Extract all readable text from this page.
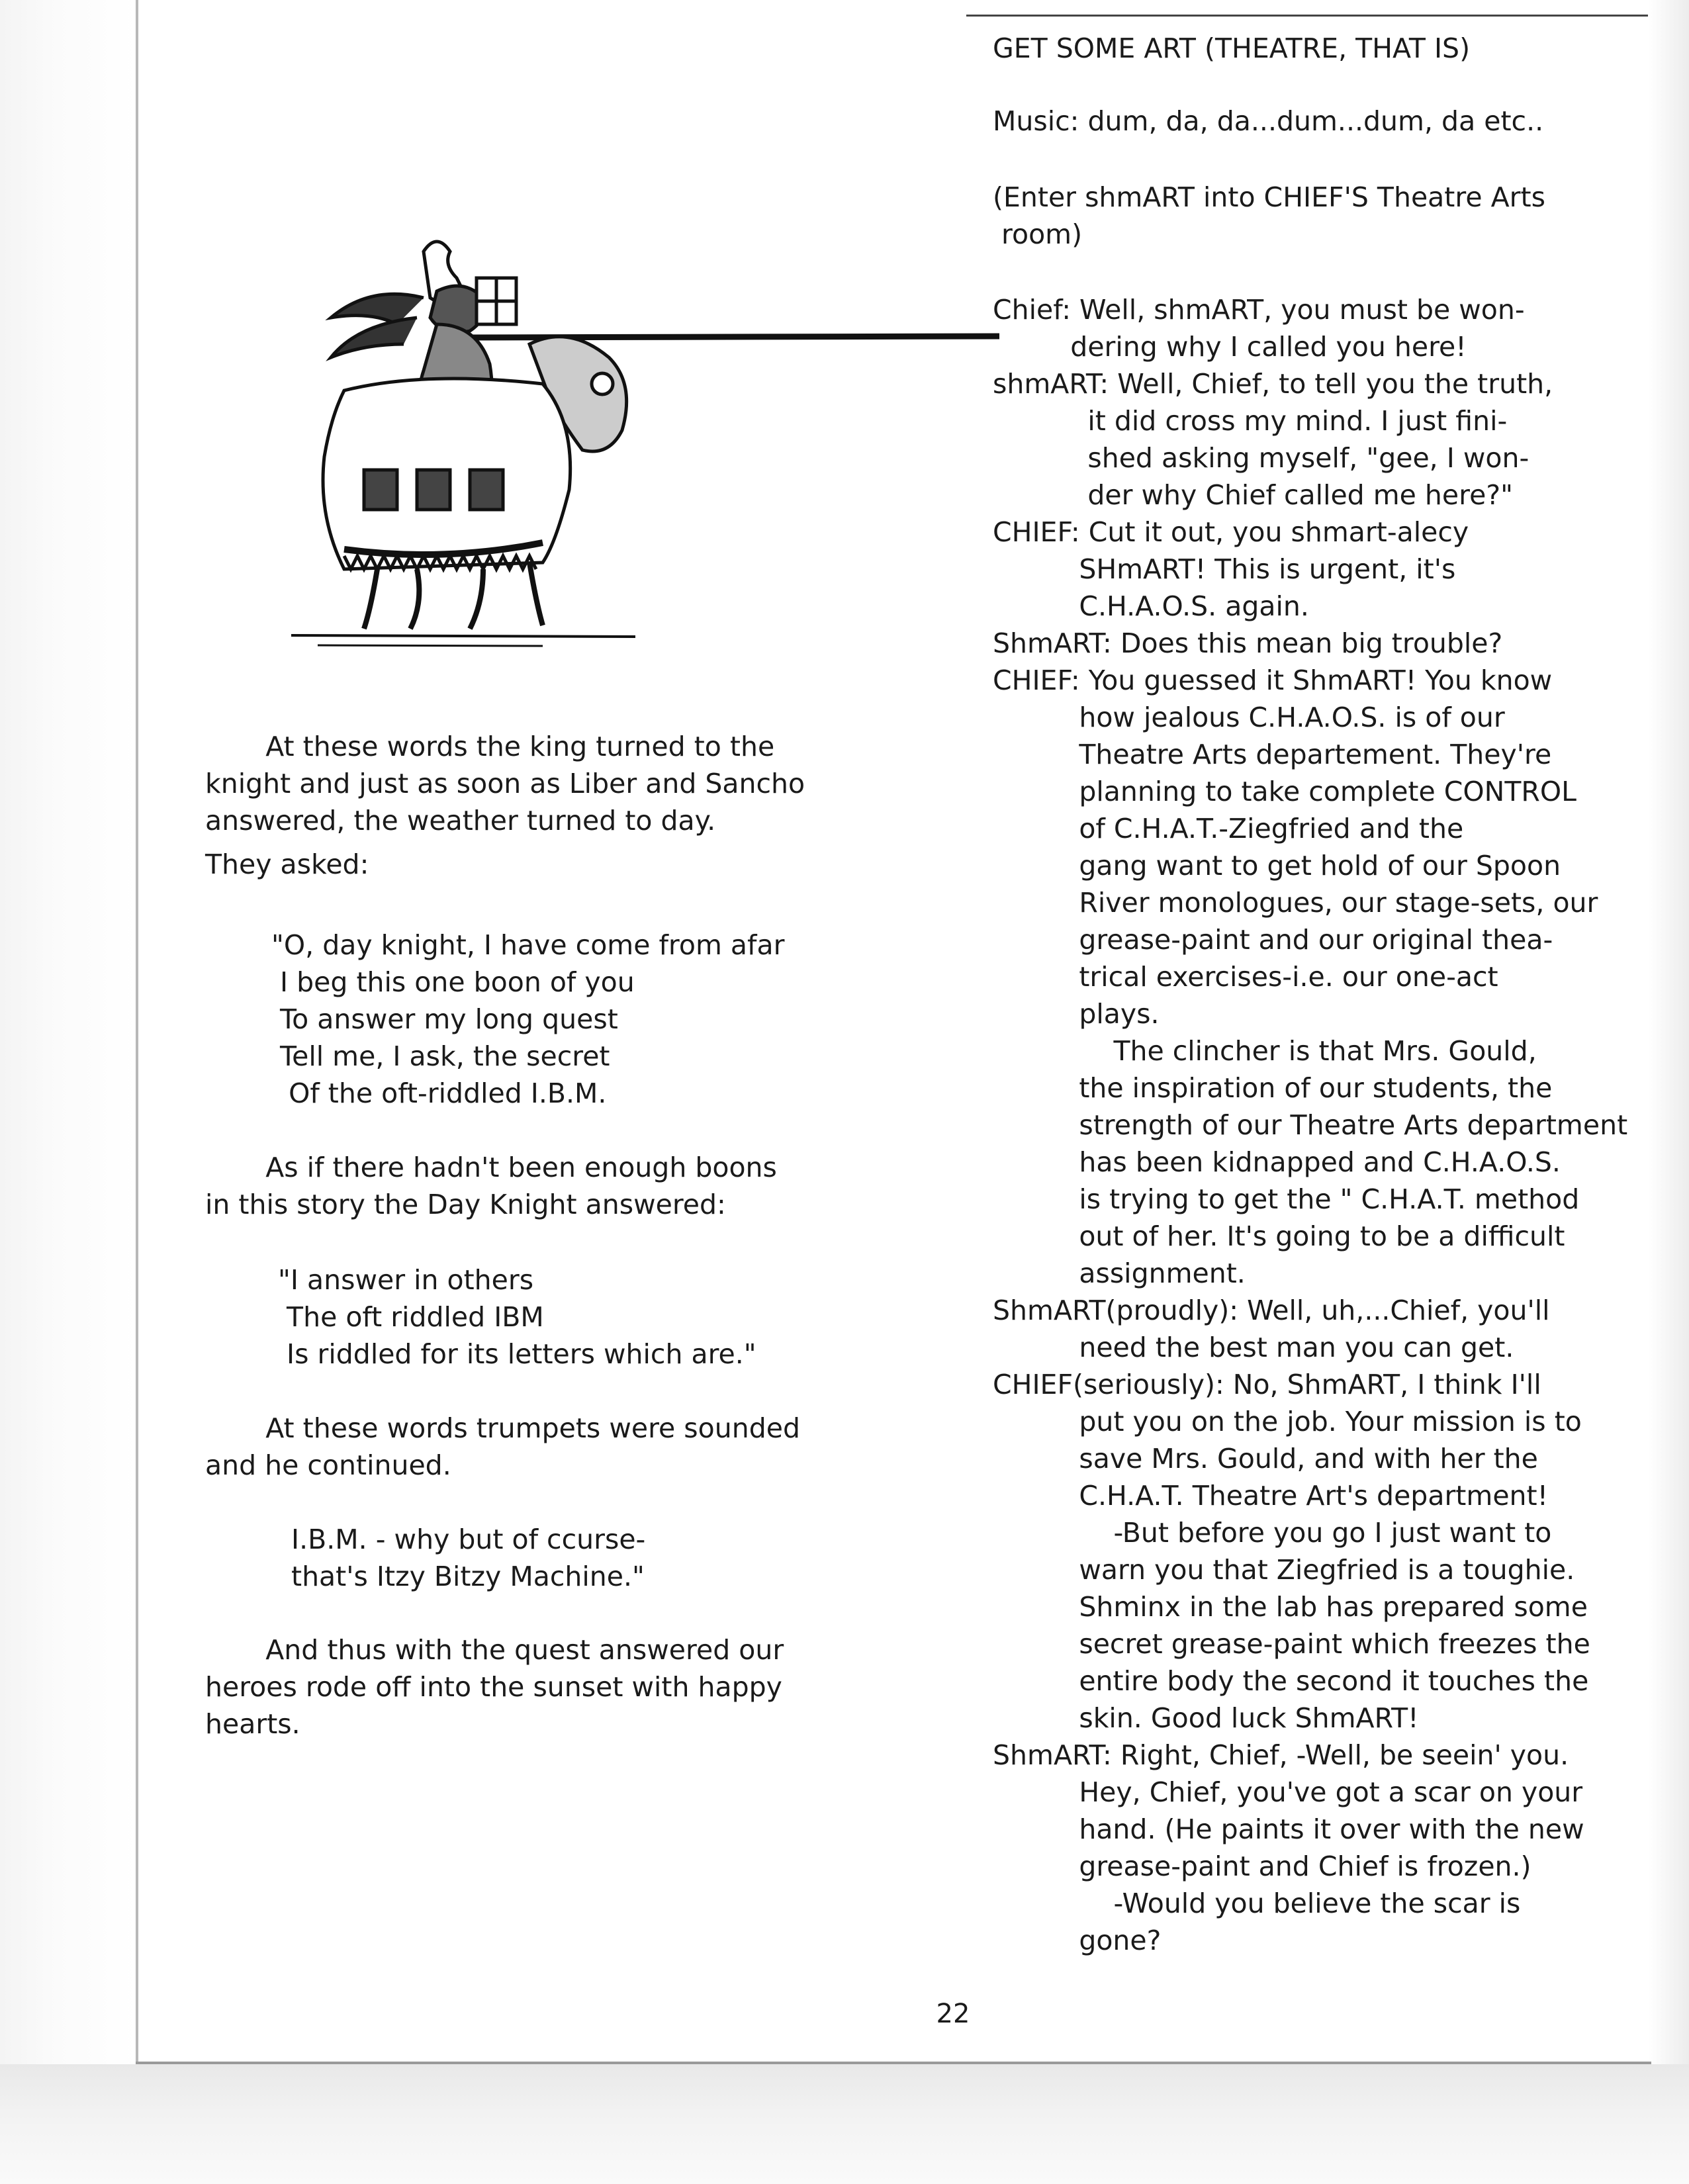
At these words the king turned to the
knight and just as soon as Liber and Sancho
answered, the weather turned to day.
They asked:
"O, day knight, I have come from afar
I beg this one boon of you
To answer my long quest
Tell me, I ask, the secret
Of the oft-riddled I.B.M.
As if there hadn't been enough boons
in this story the Day Knight answered:
"I answer in others
The oft riddled IBM
Is riddled for its letters which are."
At these words trumpets were sounded
and he continued.
I.B.M. - why but of ccurse-
that's Itzy Bitzy Machine."
And thus with the quest answered our
heroes rode off into the sunset with happy
hearts.
GET SOME ART (THEATRE, THAT IS)
Music: dum, da, da...dum...dum, da etc..
(Enter shmART into CHIEF'S Theatre Arts
room)
Chief: Well, shmART, you must be won-
dering why I called you here!
shmART: Well, Chief, to tell you the truth,
it did cross my mind. I just fini-
shed asking myself, "gee, I won-
der why Chief called me here?"
CHIEF: Cut it out, you shmart-alecy
SHmART! This is urgent, it's
C.H.A.O.S. again.
ShmART: Does this mean big trouble?
CHIEF: You guessed it ShmART! You know
how jealous C.H.A.O.S. is of our
Theatre Arts departement. They're
planning to take complete CONTROL
of C.H.A.T.-Ziegfried and the
gang want to get hold of our Spoon
River monologues, our stage-sets, our
grease-paint and our original thea-
trical exercises-i.e. our one-act
plays.
The clincher is that Mrs. Gould,
the inspiration of our students, the
strength of our Theatre Arts department
has been kidnapped and C.H.A.O.S.
is trying to get the " C.H.A.T. method
out of her. It's going to be a difficult
assignment.
ShmART(proudly): Well, uh,...Chief, you'll
need the best man you can get.
CHIEF(seriously): No, ShmART, I think I'll
put you on the job. Your mission is to
save Mrs. Gould, and with her the
C.H.A.T. Theatre Art's department!
-But before you go I just want to
warn you that Ziegfried is a toughie.
Shminx in the lab has prepared some
secret grease-paint which freezes the
entire body the second it touches the
skin. Good luck ShmART!
ShmART: Right, Chief, -Well, be seein' you.
Hey, Chief, you've got a scar on your
hand. (He paints it over with the new
grease-paint and Chief is frozen.)
-Would you believe the scar is
gone?
22
